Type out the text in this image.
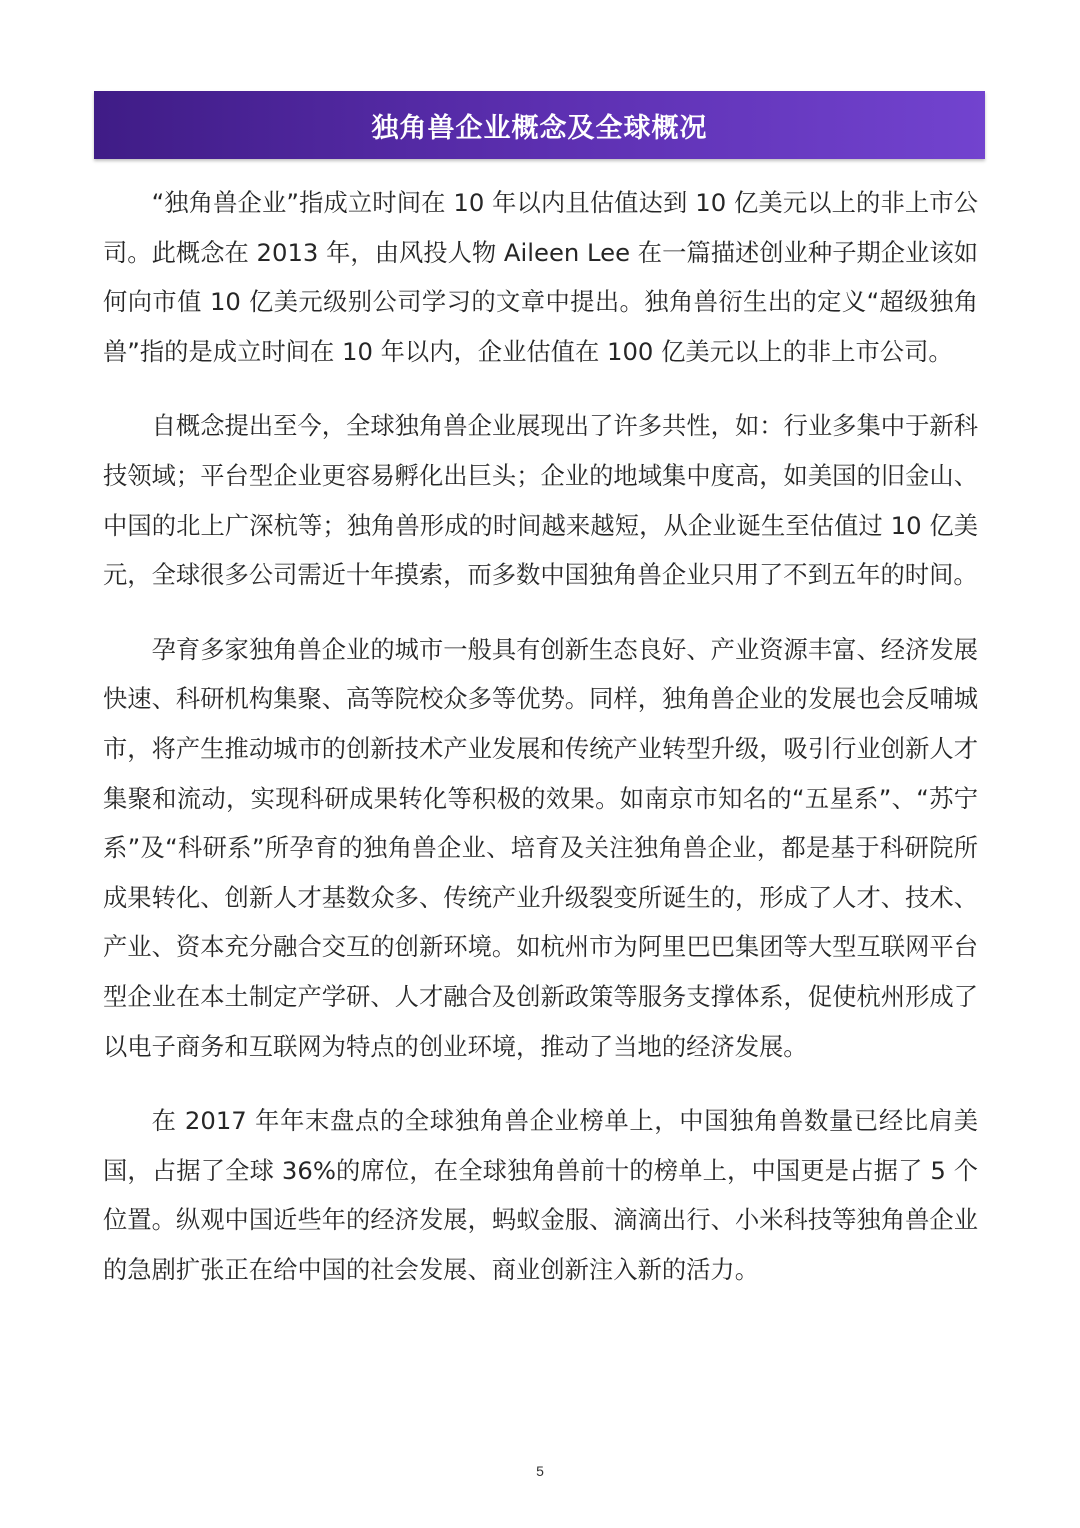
独角兽企业概念及全球概况

“独角兽企业”指成立时间在 10 年以内且估值达到 10 亿美元以上的非上市公司。此概念在 2013 年，由风投人物 Aileen Lee 在一篇描述创业种子期企业该如何向市值 10 亿美元级别公司学习的文章中提出。独角兽衍生出的定义“超级独角兽”指的是成立时间在 10 年以内，企业估值在 100 亿美元以上的非上市公司。

自概念提出至今，全球独角兽企业展现出了许多共性，如：行业多集中于新科技领域；平台型企业更容易孵化出巨头；企业的地域集中度高，如美国的旧金山、中国的北上广深杭等；独角兽形成的时间越来越短，从企业诞生至估值过 10 亿美元，全球很多公司需近十年摸索，而多数中国独角兽企业只用了不到五年的时间。

孕育多家独角兽企业的城市一般具有创新生态良好、产业资源丰富、经济发展快速、科研机构集聚、高等院校众多等优势。同样，独角兽企业的发展也会反哺城市，将产生推动城市的创新技术产业发展和传统产业转型升级，吸引行业创新人才集聚和流动，实现科研成果转化等积极的效果。如南京市知名的“五星系”、“苏宁系”及“科研系”所孕育的独角兽企业、培育及关注独角兽企业，都是基于科研院所成果转化、创新人才基数众多、传统产业升级裂变所诞生的，形成了人才、技术、产业、资本充分融合交互的创新环境。如杭州市为阿里巴巴集团等大型互联网平台型企业在本土制定产学研、人才融合及创新政策等服务支撑体系，促使杭州形成了以电子商务和互联网为特点的创业环境，推动了当地的经济发展。

在 2017 年年末盘点的全球独角兽企业榜单上，中国独角兽数量已经比肩美国，占据了全球 36%的席位，在全球独角兽前十的榜单上，中国更是占据了 5 个位置。纵观中国近些年的经济发展，蚂蚁金服、滴滴出行、小米科技等独角兽企业的急剧扩张正在给中国的社会发展、商业创新注入新的活力。

5
